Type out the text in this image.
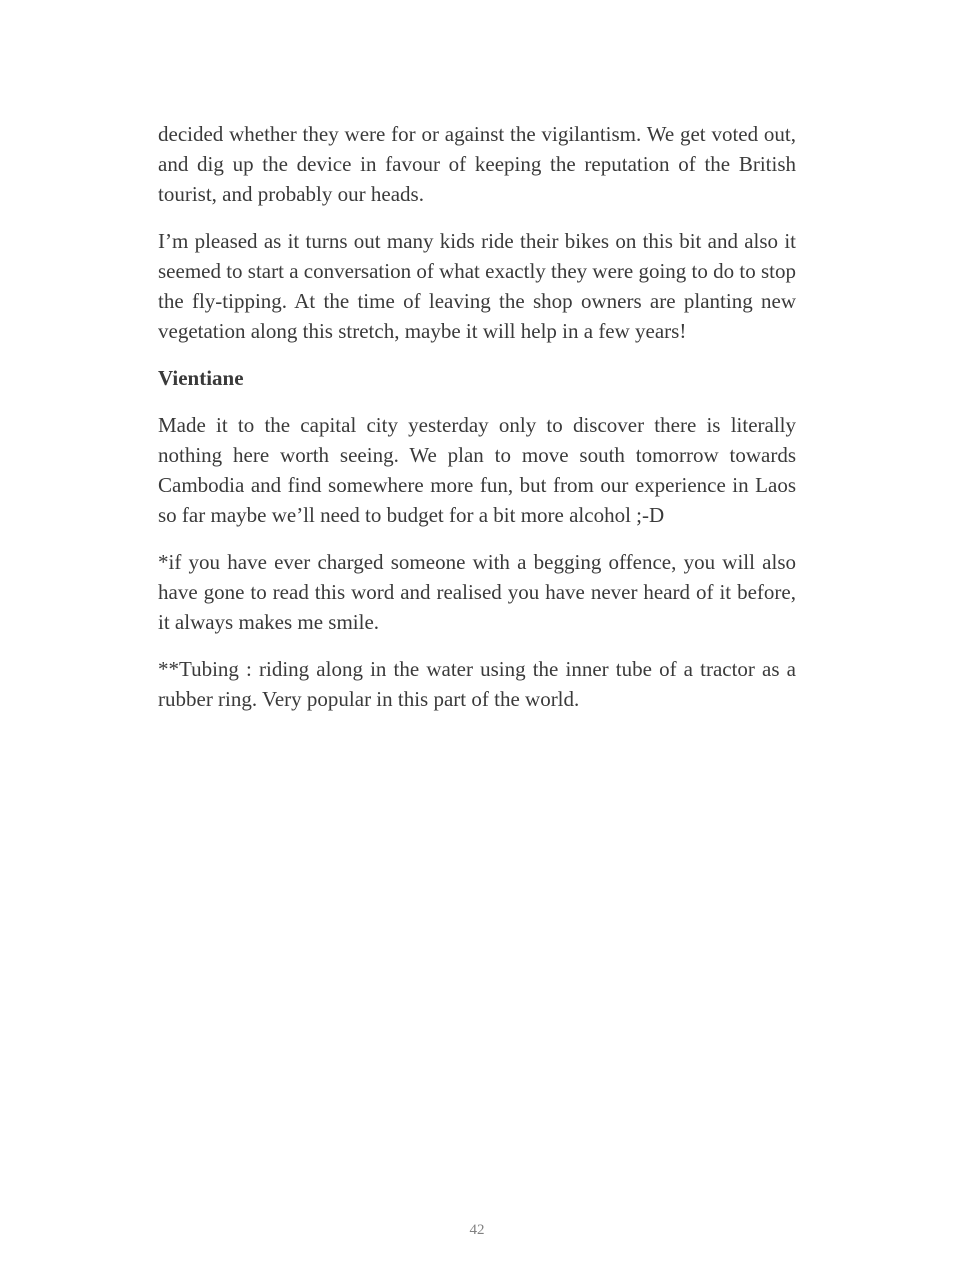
decided whether they were for or against the vigilantism. We get voted out, and dig up the device in favour of keeping the reputation of the British tourist, and probably our heads.

I’m pleased as it turns out many kids ride their bikes on this bit and also it seemed to start a conversation of what exactly they were going to do to stop the fly-tipping. At the time of leaving the shop owners are planting new vegetation along this stretch, maybe it will help in a few years!

Vientiane

Made it to the capital city yesterday only to discover there is literally nothing here worth seeing. We plan to move south tomorrow towards Cambodia and find somewhere more fun, but from our experience in Laos so far maybe we’ll need to budget for a bit more alcohol ;-D

*if you have ever charged someone with a begging offence, you will also have gone to read this word and realised you have never heard of it before, it always makes me smile.

**Tubing : riding along in the water using the inner tube of a tractor as a rubber ring. Very popular in this part of the world.

42
